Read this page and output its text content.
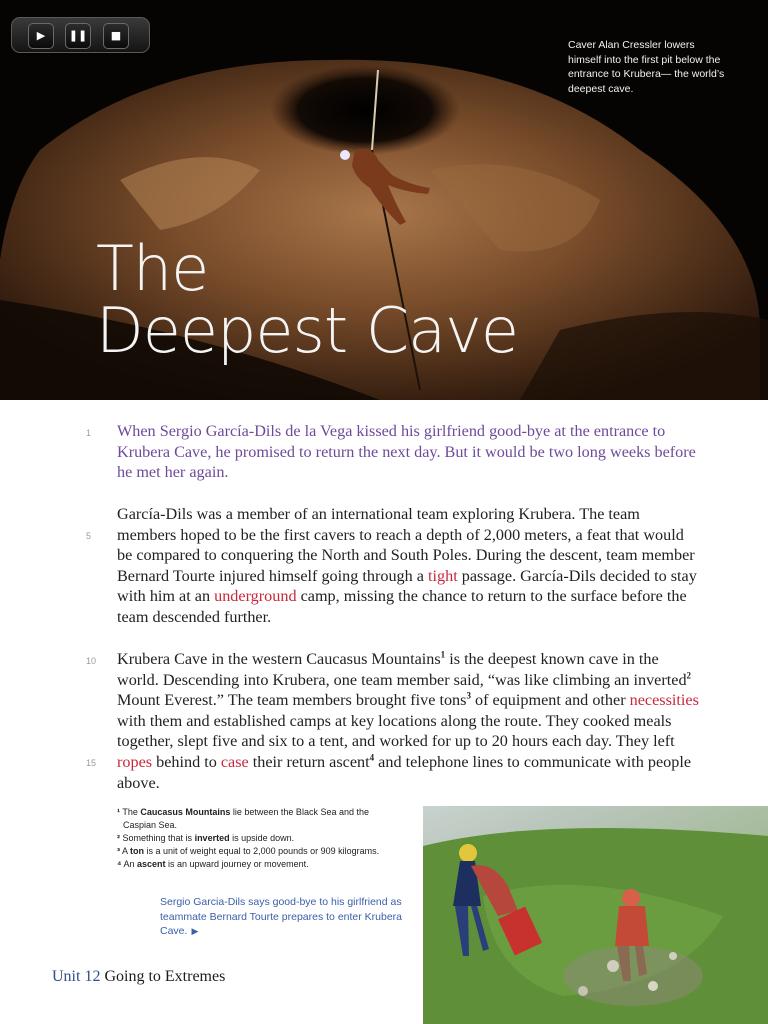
▶	❚❚	■
Caver Alan Cressler lowers himself into the first pit below the entrance to Krubera— the world’s deepest cave.
The
Deepest Cave
1
5
10
15

When Sergio García-Dils de la Vega kissed his girlfriend good-bye at the entrance to Krubera Cave, he promised to return the next day. But it would be two long weeks before he met her again.

García-Dils was a member of an international team exploring Krubera. The team members hoped to be the first cavers to reach a depth of 2,000 meters, a feat that would be compared to conquering the North and South Poles. During the descent, team member Bernard Tourte injured himself going through a tight passage. García-Dils decided to stay with him at an underground camp, missing the chance to return to the surface before the team descended further.

Krubera Cave in the western Caucasus Mountains$^1$ is the deepest known cave in the world. Descending into Krubera, one team member said, “was like climbing an inverted$^2$ Mount Everest.” The team members brought five tons$^3$ of equipment and other necessities with them and established camps at key locations along the route. They cooked meals together, slept five and six to a tent, and worked for up to 20 hours each day. They left ropes behind to case their return ascent$^4$ and telephone lines to communicate with people above.

¹ The Caucasus Mountains lie between the Black Sea and the
Caspian Sea.
² Something that is inverted is upside down.
³ A ton is a unit of weight equal to 2,000 pounds or 909 kilograms.
⁴ An ascent is an upward journey or movement.
Sergio Garcia-Dils says good-bye to his girlfriend as teammate Bernard Tourte prepares to enter Krubera Cave. ▶
Unit 12 Going to Extremes
